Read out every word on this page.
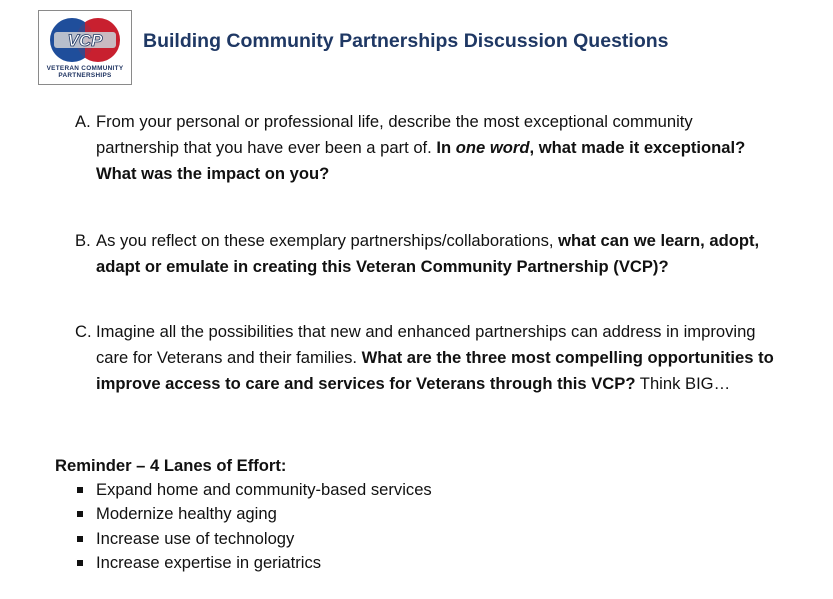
VCP
VETERAN COMMUNITY
PARTNERSHIPS
Building Community Partnerships Discussion Questions

A. From your personal or professional life, describe the most exceptional community partnership that you have ever been a part of. In one word, what made it exceptional? What was the impact on you?

B. As you reflect on these exemplary partnerships/collaborations, what can we learn, adopt, adapt or emulate in creating this Veteran Community Partnership (VCP)?

C. Imagine all the possibilities that new and enhanced partnerships can address in improving care for Veterans and their families. What are the three most compelling opportunities to improve access to care and services for Veterans through this VCP? Think BIG…

Reminder – 4 Lanes of Effort:
Expand home and community-based services
Modernize healthy aging
Increase use of technology
Increase expertise in geriatrics
